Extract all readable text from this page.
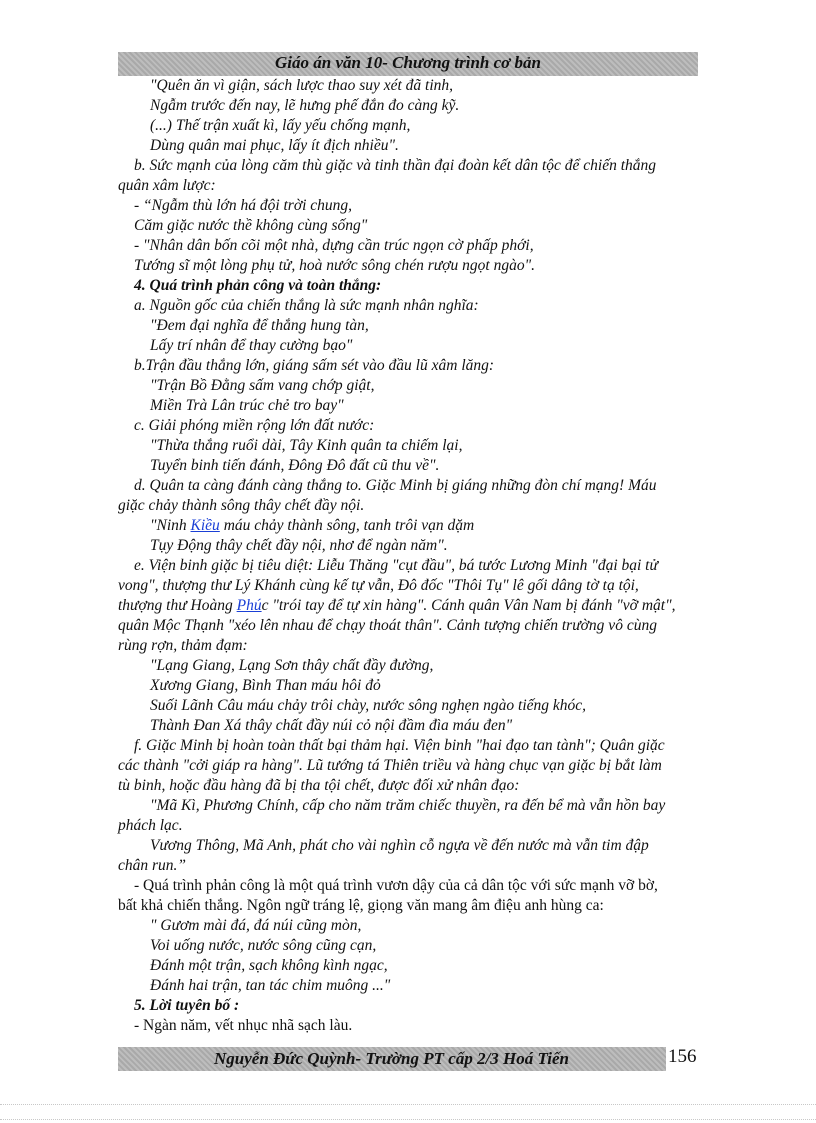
Giáo án văn 10- Chương trình cơ bản
"Quên ăn vì giận, sách lược thao suy xét đã tinh,
Ngẫm trước đến nay, lẽ hưng phế đắn đo càng kỹ.
(...) Thế trận xuất kì, lấy yếu chống mạnh,
Dùng quân mai phục, lấy ít địch nhiều".
b. Sức mạnh của lòng căm thù giặc và tinh thần đại đoàn kết dân tộc để chiến thắng
quân xâm lược:
- “Ngẫm thù lớn há đội trời chung,
Căm giặc nước thề không cùng sống"
- "Nhân dân bốn cõi một nhà, dựng cần trúc ngọn cờ phấp phới,
Tướng sĩ một lòng phụ tử, hoà nước sông chén rượu ngọt ngào".
4. Quá trình phản công và toàn thắng:
a. Nguồn gốc của chiến thắng là sức mạnh nhân nghĩa:
"Đem đại nghĩa để thắng hung tàn,
Lấy trí nhân để thay cường bạo"
b.Trận đầu thắng lớn, giáng sấm sét vào đầu lũ xâm lăng:
"Trận Bồ Đằng sấm vang chớp giật,
Miền Trà Lân trúc chẻ tro bay"
c. Giải phóng miền rộng lớn đất nước:
"Thừa thắng ruổi dài, Tây Kinh quân ta chiếm lại,
Tuyển binh tiến đánh, Đông Đô đất cũ thu về".
d. Quân ta càng đánh càng thắng to. Giặc Minh bị giáng những đòn chí mạng! Máu
giặc chảy thành sông thây chết đầy nội.
"Ninh Kiều máu chảy thành sông, tanh trôi vạn dặm
Tụy Động thây chết đầy nội, nhơ để ngàn năm".
e. Viện binh giặc bị tiêu diệt: Liễu Thăng "cụt đầu", bá tước Lương Minh "đại bại tử
vong", thượng thư Lý Khánh cùng kế tự vẫn, Đô đốc "Thôi Tụ" lê gối dâng tờ tạ tội,
thượng thư Hoàng Phúc "trói tay để tự xin hàng". Cánh quân Vân Nam bị đánh "vỡ mật",
quân Mộc Thạnh "xéo lên nhau để chạy thoát thân". Cảnh tượng chiến trường vô cùng
rùng rợn, thảm đạm:
"Lạng Giang, Lạng Sơn thây chất đầy đường,
Xương Giang, Bình Than máu hôi đỏ
Suối Lãnh Câu máu chảy trôi chày, nước sông nghẹn ngào tiếng khóc,
Thành Đan Xá thây chất đầy núi cỏ nội đầm đìa máu đen"
f. Giặc Minh bị hoàn toàn thất bại thảm hại. Viện binh "hai đạo tan tành"; Quân giặc
các thành "cởi giáp ra hàng". Lũ tướng tá Thiên triều và hàng chục vạn giặc bị bắt làm
tù binh, hoặc đầu hàng đã bị tha tội chết, được đối xử nhân đạo:
"Mã Kì, Phương Chính, cấp cho năm trăm chiếc thuyền, ra đến bể mà vẫn hồn bay
phách lạc.
Vương Thông, Mã Anh, phát cho vài nghìn cỗ ngựa về đến nước mà vẫn tim đập
chân run.”
- Quá trình phản công là một quá trình vươn dậy của cả dân tộc với sức mạnh vỡ bờ,
bất khả chiến thắng. Ngôn ngữ tráng lệ, giọng văn mang âm điệu anh hùng ca:
" Gươm mài đá, đá núi cũng mòn,
Voi uống nước, nước sông cũng cạn,
Đánh một trận, sạch không kình ngạc,
Đánh hai trận, tan tác chim muông ..."
5. Lời tuyên bố :
- Ngàn năm, vết nhục nhã sạch làu.
Nguyễn Đức Quỳnh- Trường PT cấp 2/3 Hoá Tiến	156
